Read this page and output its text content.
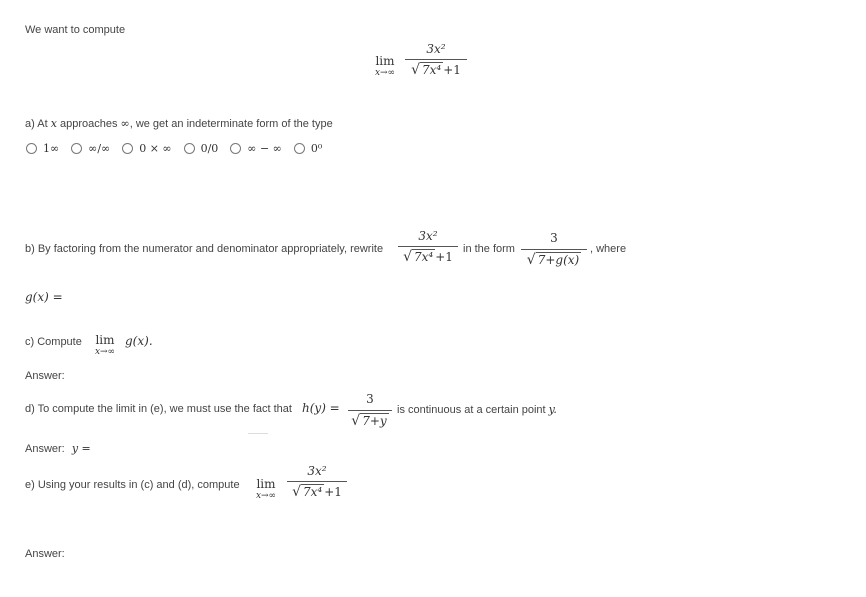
We want to compute
lim
x→∞
3x²
√ 7x⁴ +1
a) At x approaches ∞, we get an indeterminate form of the type
1∞	∞/∞	0 × ∞	0/0	∞ − ∞	0⁰
b) By factoring from the numerator and denominator appropriately, rewrite
3x²
√ 7x⁴ +1
in the form
3
√ 7+g(x)
, where
g(x) =
c) Compute	lim
x→∞
g(x).
Answer:
d) To compute the limit in (e), we must use the fact that h(y) =
3
√ 7+y
is continuous at a certain point y.
Answer: y =
e) Using your results in (c) and (d), compute	lim
x→∞
3x²
√ 7x⁴ +1
Answer:
